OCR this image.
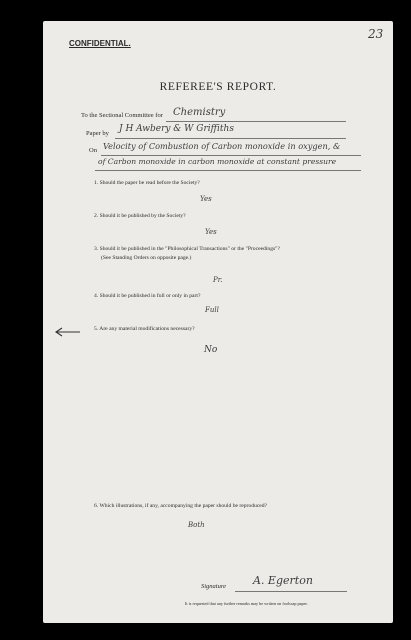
23
CONFIDENTIAL.
REFEREE'S REPORT.
To the Sectional Committee for Chemistry
Paper by J H Awbery & W Griffiths
On Velocity of Combustion of Carbon monoxide in oxygen, &
of Carbon monoxide in carbon monoxide at constant pressure
1. Should the paper be read before the Society?
Yes
2. Should it be published by the Society?
Yes
3. Should it be published in the "Philosophical Transactions" or the "Proceedings"?
(See Standing Orders on opposite page.)
Pr.
4. Should it be published in full or only in part?
Full
5. Are any material modifications necessary?
No
6. Which illustrations, if any, accompanying the paper should be reproduced?
Both
Signature A. Egerton
It is requested that any further remarks may be written on foolscap paper.
